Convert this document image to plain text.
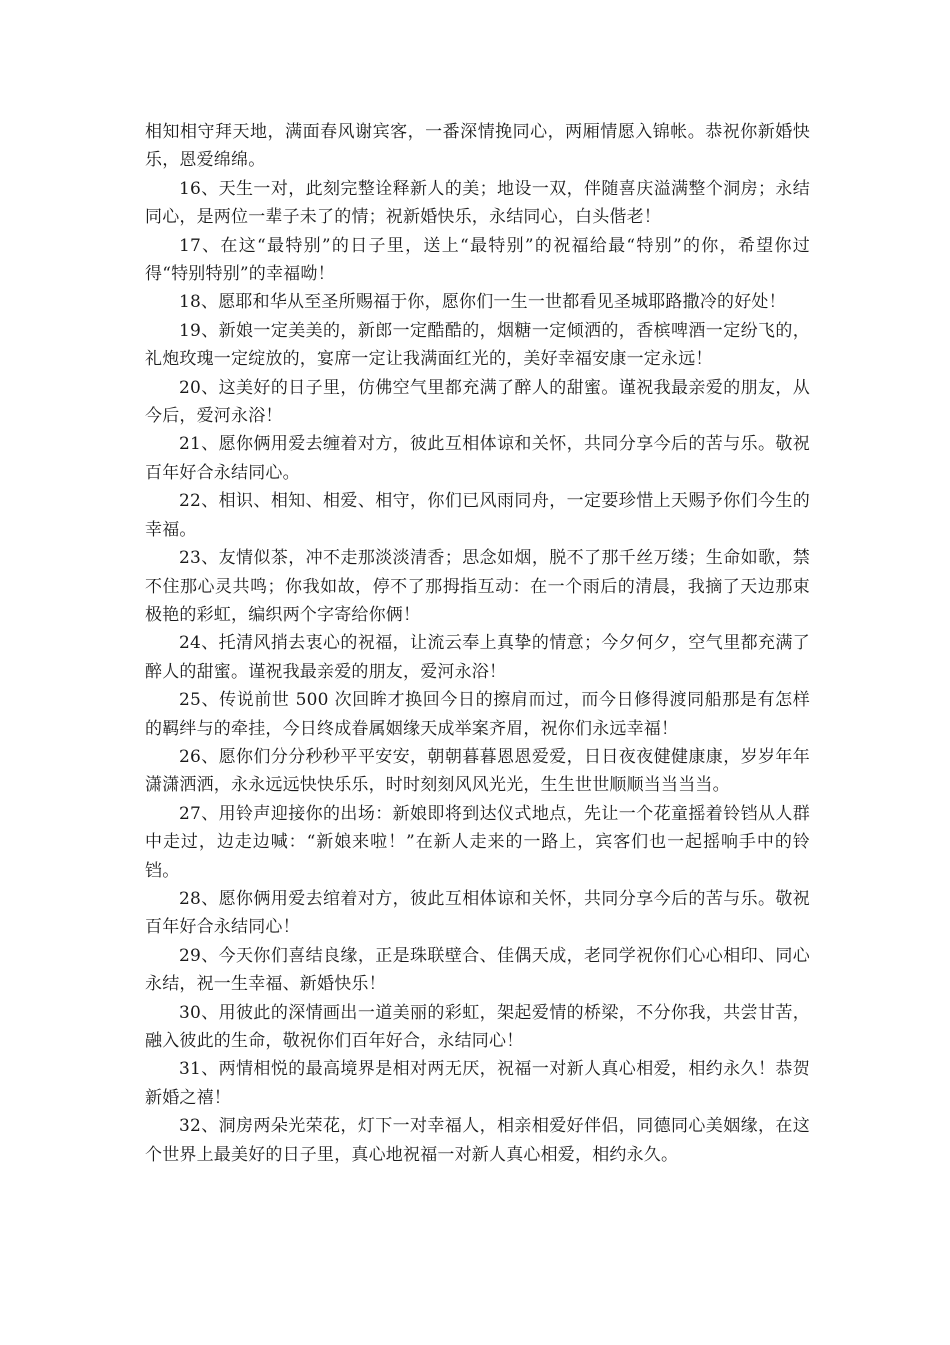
相知相守拜天地，满面春风谢宾客，一番深情挽同心，两厢情愿入锦帐。恭祝你新婚快乐，恩爱绵绵。

16、天生一对，此刻完整诠释新人的美；地设一双，伴随喜庆溢满整个洞房；永结同心，是两位一辈子未了的情；祝新婚快乐，永结同心，白头偕老！

17、在这“最特别”的日子里，送上“最特别”的祝福给最“特别”的你，希望你过得“特别特别”的幸福呦！

18、愿耶和华从至圣所赐福于你，愿你们一生一世都看见圣城耶路撒冷的好处！

19、新娘一定美美的，新郎一定酷酷的，烟糖一定倾洒的，香槟啤酒一定纷飞的，礼炮玫瑰一定绽放的，宴席一定让我满面红光的，美好幸福安康一定永远！

20、这美好的日子里，仿佛空气里都充满了醉人的甜蜜。谨祝我最亲爱的朋友，从今后，爱河永浴！

21、愿你俩用爱去缠着对方，彼此互相体谅和关怀，共同分享今后的苦与乐。敬祝百年好合永结同心。

22、相识、相知、相爱、相守，你们已风雨同舟，一定要珍惜上天赐予你们今生的幸福。

23、友情似茶，冲不走那淡淡清香；思念如烟，脱不了那千丝万缕；生命如歌，禁不住那心灵共鸣；你我如故，停不了那拇指互动：在一个雨后的清晨，我摘了天边那束极艳的彩虹，编织两个字寄给你俩！

24、托清风捎去衷心的祝福，让流云奉上真挚的情意；今夕何夕，空气里都充满了醉人的甜蜜。谨祝我最亲爱的朋友，爱河永浴！

25、传说前世 500 次回眸才换回今日的擦肩而过，而今日修得渡同船那是有怎样的羁绊与的牵挂，今日终成眷属姻缘天成举案齐眉，祝你们永远幸福！

26、愿你们分分秒秒平平安安，朝朝暮暮恩恩爱爱，日日夜夜健健康康，岁岁年年潇潇洒洒，永永远远快快乐乐，时时刻刻风风光光，生生世世顺顺当当当当。

27、用铃声迎接你的出场：新娘即将到达仪式地点，先让一个花童摇着铃铛从人群中走过，边走边喊：“新娘来啦！”在新人走来的一路上，宾客们也一起摇响手中的铃铛。

28、愿你俩用爱去绾着对方，彼此互相体谅和关怀，共同分享今后的苦与乐。敬祝百年好合永结同心！

29、今天你们喜结良缘，正是珠联壁合、佳偶天成，老同学祝你们心心相印、同心永结，祝一生幸福、新婚快乐！

30、用彼此的深情画出一道美丽的彩虹，架起爱情的桥梁，不分你我，共尝甘苦，融入彼此的生命，敬祝你们百年好合，永结同心！

31、两情相悦的最高境界是相对两无厌，祝福一对新人真心相爱，相约永久！恭贺新婚之禧！

32、洞房两朵光荣花，灯下一对幸福人，相亲相爱好伴侣，同德同心美姻缘，在这个世界上最美好的日子里，真心地祝福一对新人真心相爱，相约永久。
